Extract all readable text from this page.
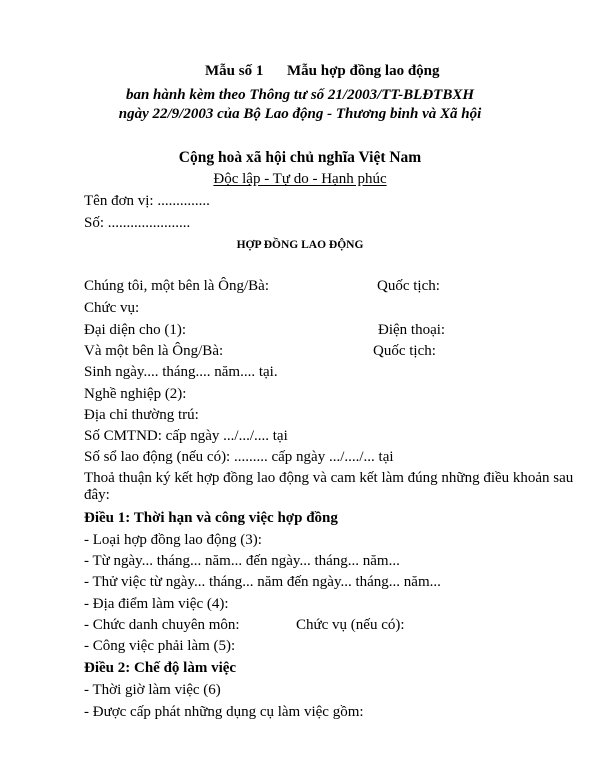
Mẫu số 1 Mẫu hợp đồng lao động
ban hành kèm theo Thông tư số 21/2003/TT-BLĐTBXH
ngày 22/9/2003 của Bộ Lao động - Thương binh và Xã hội
Cộng hoà xã hội chủ nghĩa Việt Nam
Độc lập - Tự do - Hạnh phúc
Tên đơn vị: ..............
Số: ......................
HỢP ĐỒNG LAO ĐỘNG
Chúng tôi, một bên là Ông/Bà:	Quốc tịch:
Chức vụ:
Đại diện cho (1):	Điện thoại:
Và một bên là Ông/Bà:	Quốc tịch:
Sinh ngày.... tháng.... năm.... tại.
Nghề nghiệp (2):
Địa chỉ thường trú:
Số CMTND: cấp ngày .../.../.... tại
Số sổ lao động (nếu có): ......... cấp ngày .../..../... tại
Thoả thuận ký kết hợp đồng lao động và cam kết làm đúng những điều khoản sau
đây:
Điều 1: Thời hạn và công việc hợp đồng
- Loại hợp đồng lao động (3):
- Từ ngày... tháng... năm... đến ngày... tháng... năm...
- Thử việc từ ngày... tháng... năm đến ngày... tháng... năm...
- Địa điểm làm việc (4):
- Chức danh chuyên môn:	Chức vụ (nếu có):
- Công việc phải làm (5):
Điều 2: Chế độ làm việc
- Thời giờ làm việc (6)
- Được cấp phát những dụng cụ làm việc gồm:
